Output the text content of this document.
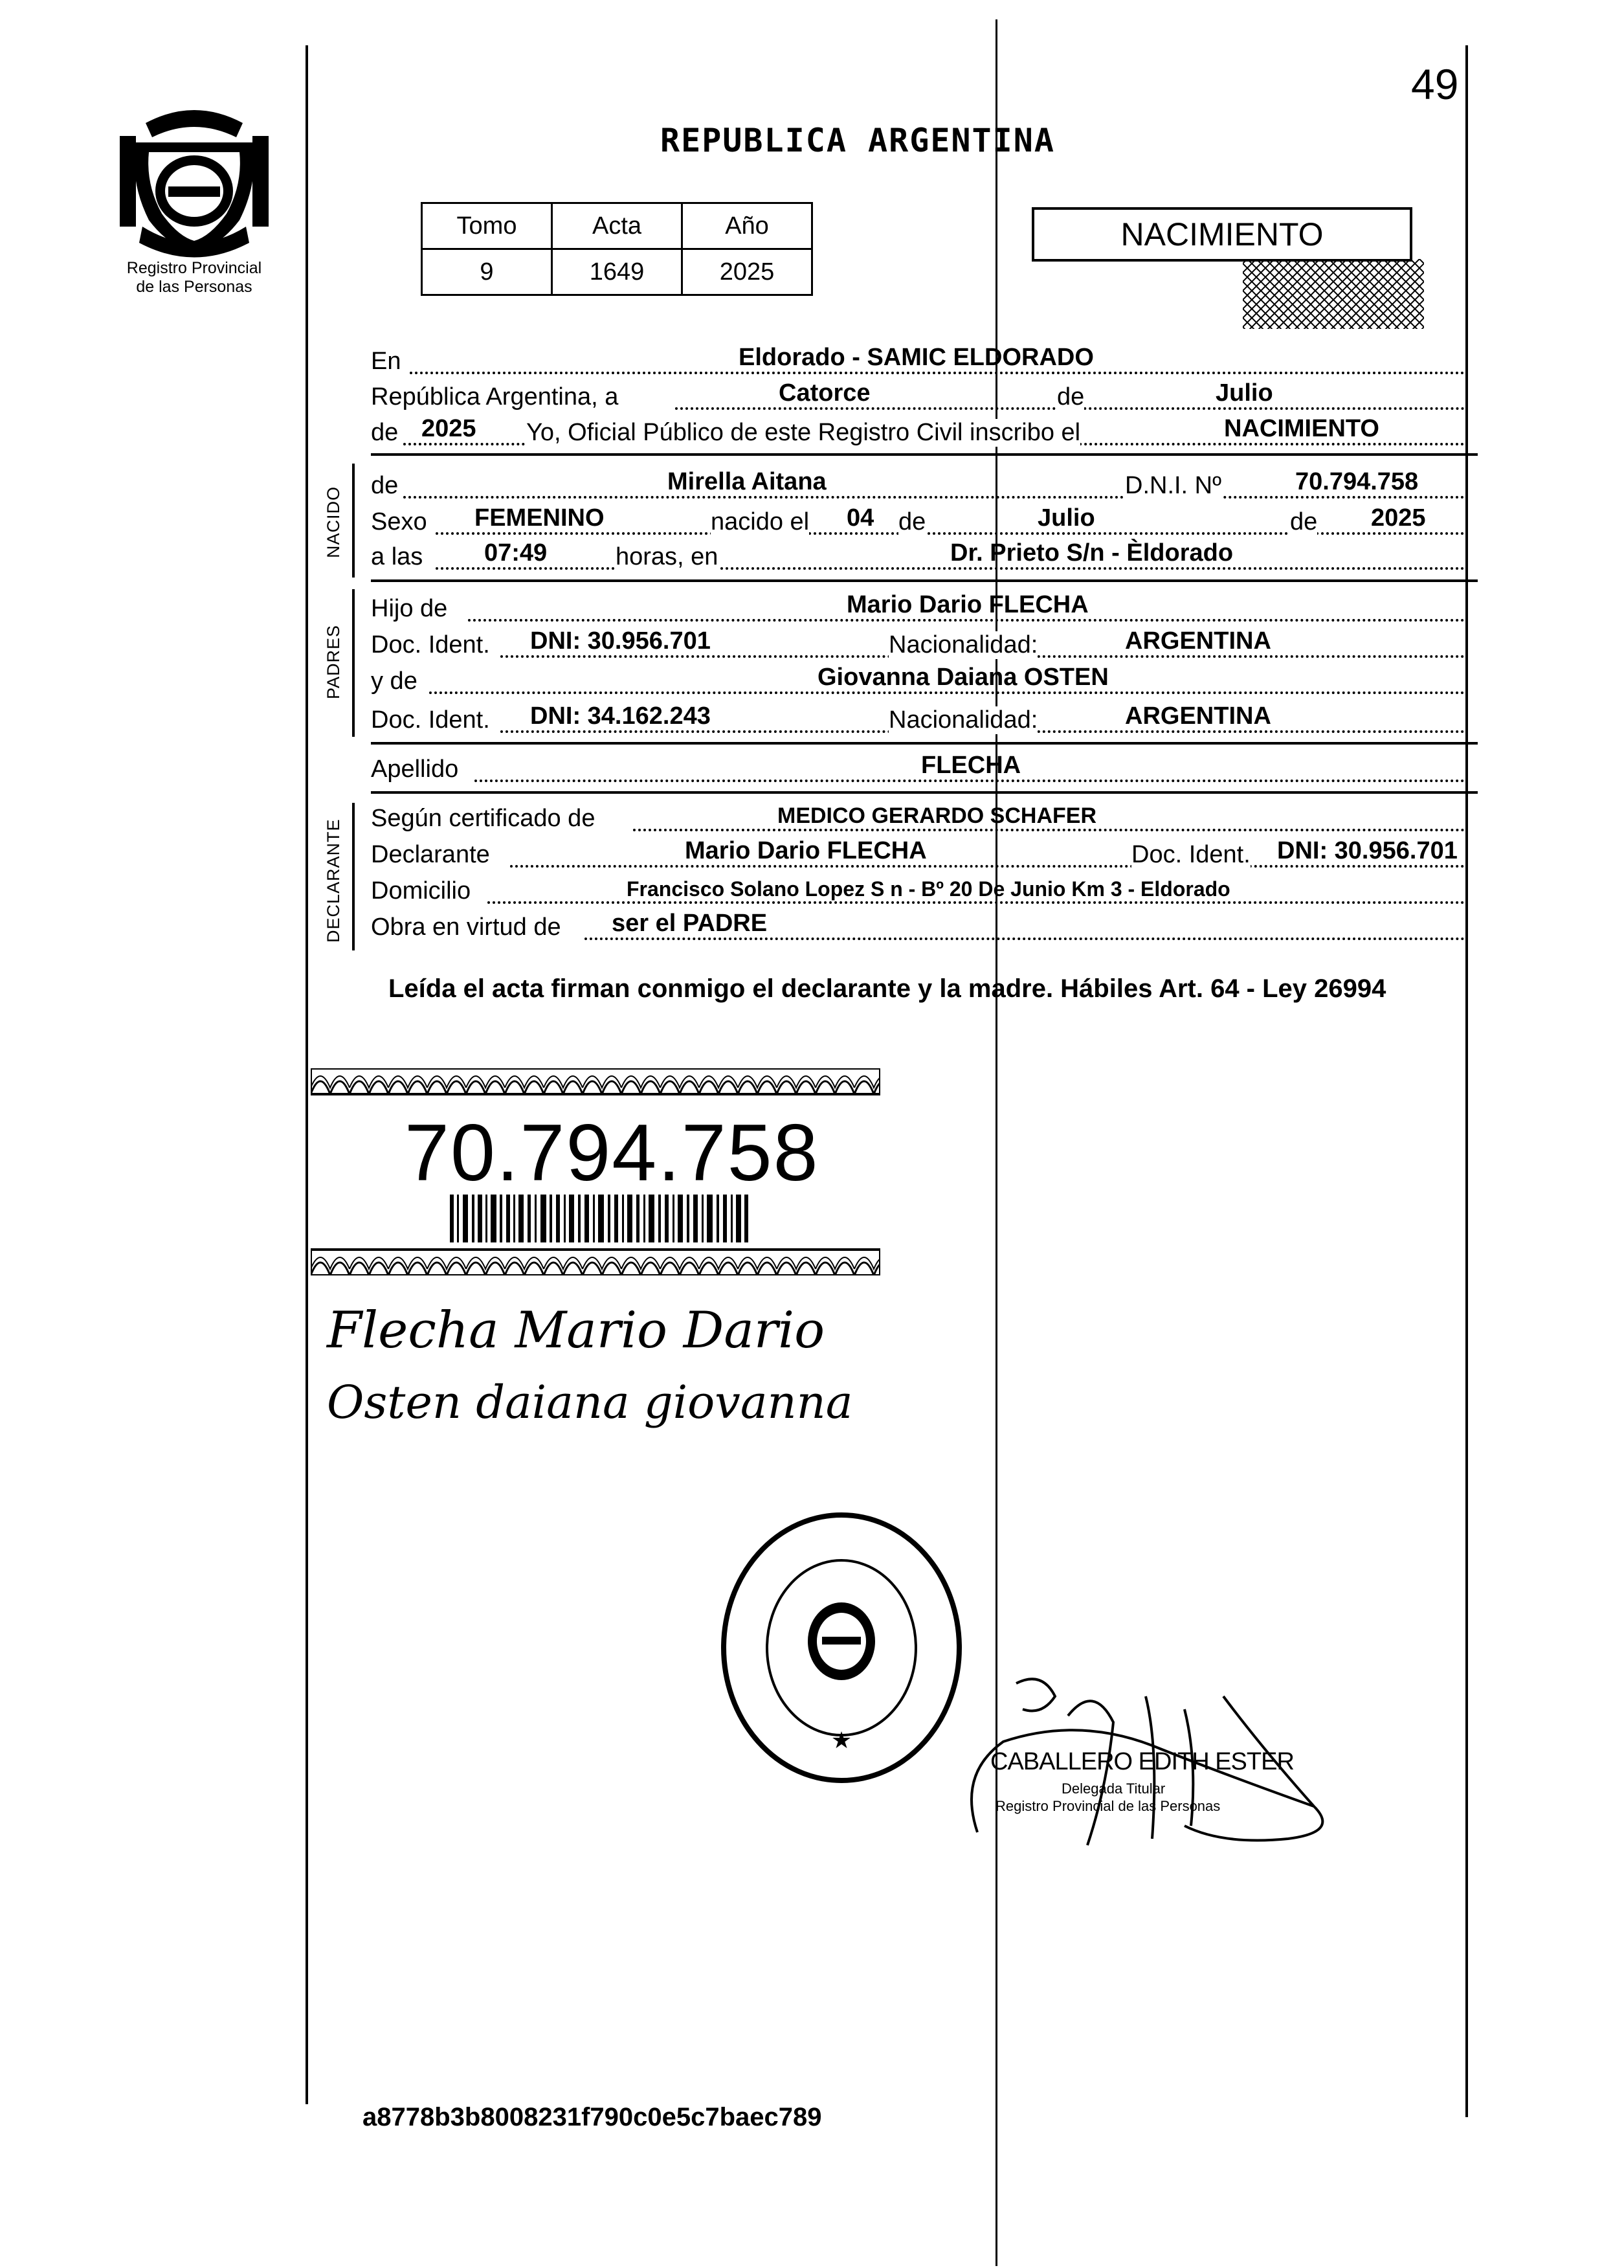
49
REPUBLICA ARGENTINA
Registro Provincial
de las Personas
Tomo	Acta	Año
9	1649	2025
NACIMIENTO
En	Eldorado - SAMIC ELDORADO
República Argentina, a	Catorce	de	Julio
de 2025 Yo, Oficial Público de este Registro Civil inscribo el	NACIMIENTO
NACIDO
de	Mirella Aitana	D.N.I. Nº	70.794.758
Sexo FEMENINO	nacido el 04 de	Julio	de 2025
a las 07:49	horas, en	Dr. Prieto S/n - Èldorado
PADRES
Hijo de	Mario Dario FLECHA
Doc. Ident. DNI: 30.956.701	Nacionalidad:	ARGENTINA
y de	Giovanna Daiana OSTEN
Doc. Ident. DNI: 34.162.243	Nacionalidad:	ARGENTINA
Apellido	FLECHA
DECLARANTE
Según certificado de	MEDICO GERARDO SCHAFER
Declarante	Mario Dario FLECHA	Doc. Ident. DNI: 30.956.701
Domicilio	Francisco Solano Lopez S n - Bº 20 De Junio Km 3 - Eldorado
Obra en virtud de ser el PADRE
Leída el acta firman conmigo el declarante y la madre. Hábiles Art. 64 - Ley 26994
70.794.758
Flecha Mario Dario
Osten daiana giovanna
★
CABALLERO EDITH ESTER
Delegada Titular
Registro Provincial de las Personas
a8778b3b8008231f790c0e5c7baec789
